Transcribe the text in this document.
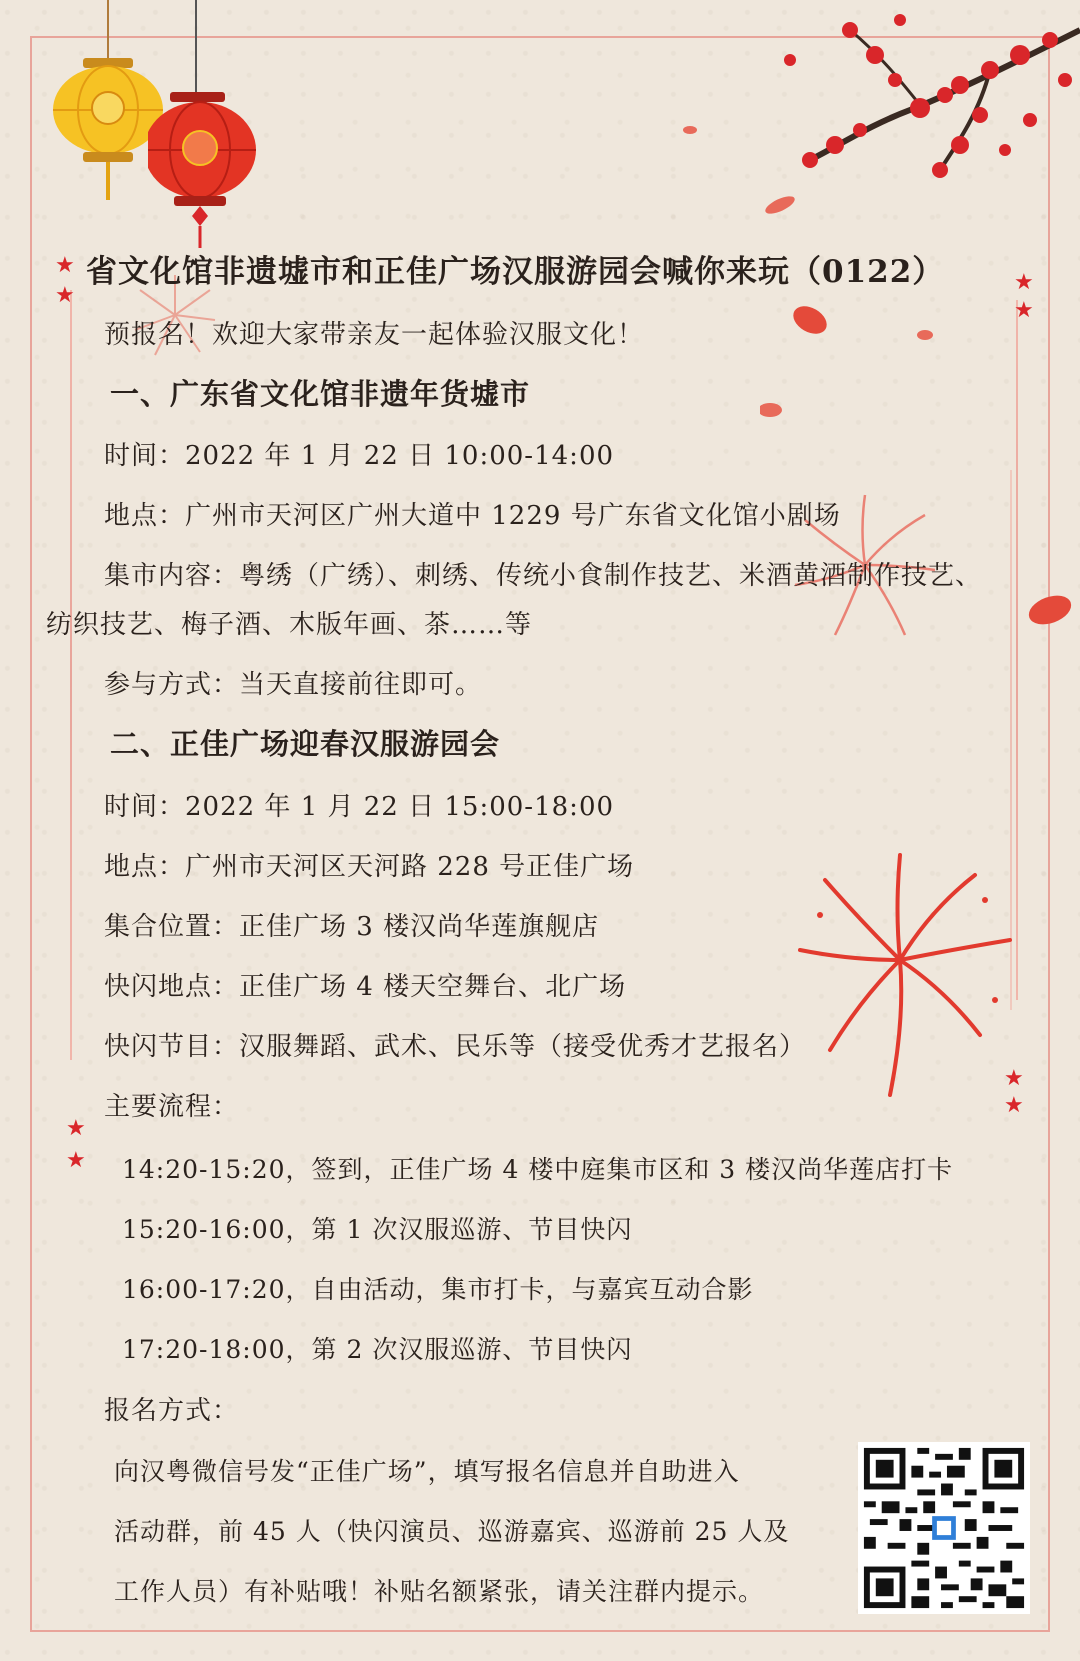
★
★
★
★
★
★
★
★
省文化馆非遗墟市和正佳广场汉服游园会喊你来玩（0122）
预报名！欢迎大家带亲友一起体验汉服文化！
一、广东省文化馆非遗年货墟市
时间：2022 年 1 月 22 日 10:00-14:00
地点：广州市天河区广州大道中 1229 号广东省文化馆小剧场
集市内容：粤绣（广绣）、刺绣、传统小食制作技艺、米酒黄酒制作技艺、
纺织技艺、梅子酒、木版年画、茶……等
参与方式：当天直接前往即可。
二、正佳广场迎春汉服游园会
时间：2022 年 1 月 22 日 15:00-18:00
地点：广州市天河区天河路 228 号正佳广场
集合位置：正佳广场 3 楼汉尚华莲旗舰店
快闪地点：正佳广场 4 楼天空舞台、北广场
快闪节目：汉服舞蹈、武术、民乐等（接受优秀才艺报名）
主要流程：
14:20-15:20，签到，正佳广场 4 楼中庭集市区和 3 楼汉尚华莲店打卡
15:20-16:00，第 1 次汉服巡游、节目快闪
16:00-17:20，自由活动，集市打卡，与嘉宾互动合影
17:20-18:00，第 2 次汉服巡游、节目快闪
报名方式：
向汉粤微信号发“正佳广场”，填写报名信息并自助进入
活动群，前 45 人（快闪演员、巡游嘉宾、巡游前 25 人及
工作人员）有补贴哦！补贴名额紧张，请关注群内提示。
